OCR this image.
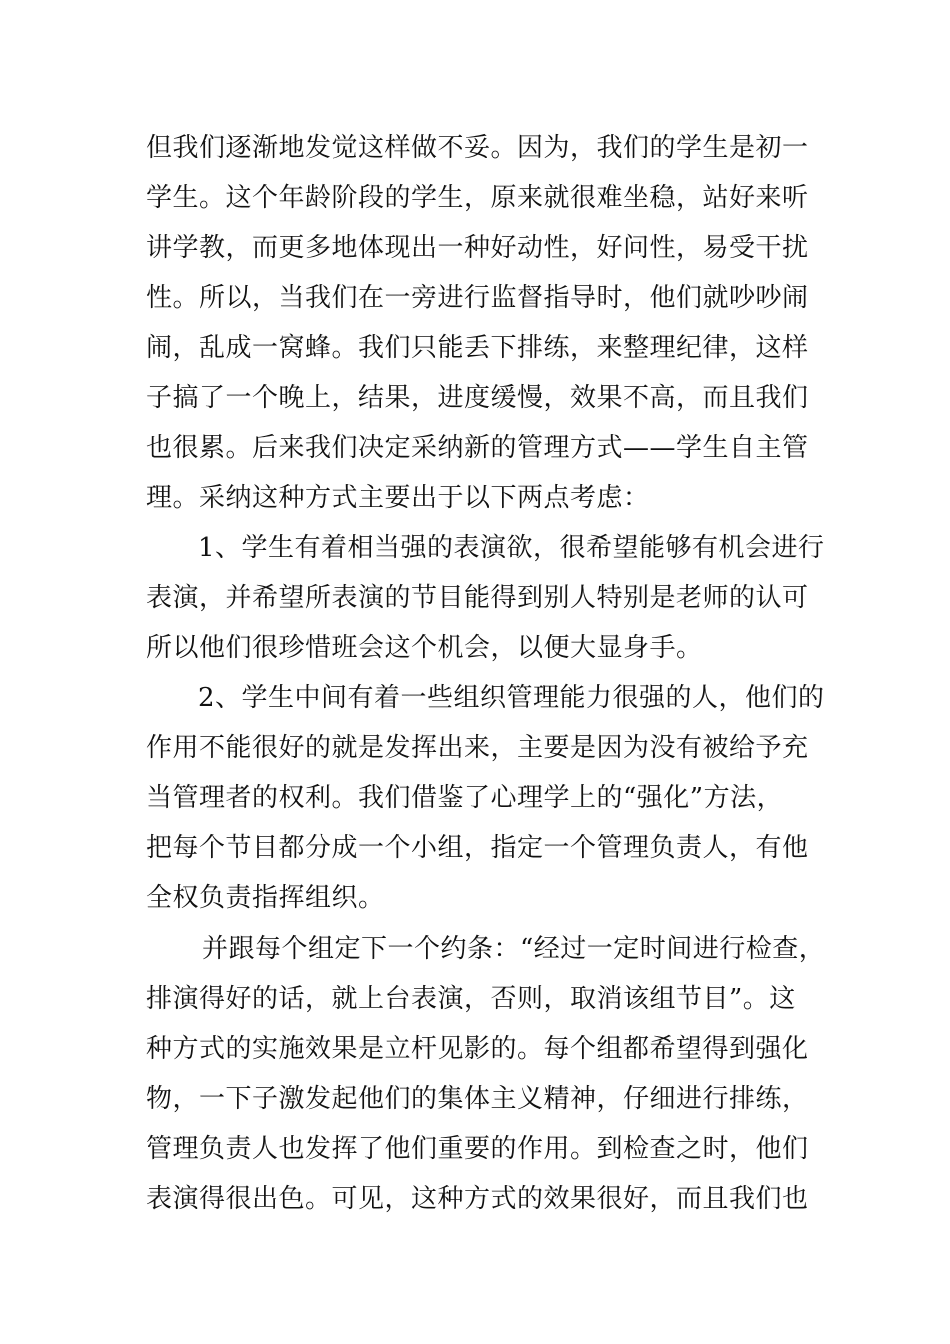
但我们逐渐地发觉这样做不妥。因为，我们的学生是初一
学生。这个年龄阶段的学生，原来就很难坐稳，站好来听
讲学教，而更多地体现出一种好动性，好问性，易受干扰
性。所以，当我们在一旁进行监督指导时，他们就吵吵闹
闹，乱成一窝蜂。我们只能丢下排练，来整理纪律，这样
子搞了一个晚上，结果，进度缓慢，效果不高，而且我们
也很累。后来我们决定采纳新的管理方式——学生自主管
理。采纳这种方式主要出于以下两点考虑：
1、学生有着相当强的表演欲，很希望能够有机会进行
表演，并希望所表演的节目能得到别人特别是老师的认可
所以他们很珍惜班会这个机会，以便大显身手。
2、学生中间有着一些组织管理能力很强的人，他们的
作用不能很好的就是发挥出来，主要是因为没有被给予充
当管理者的权利。我们借鉴了心理学上的“强化”方法，
把每个节目都分成一个小组，指定一个管理负责人，有他
全权负责指挥组织。
并跟每个组定下一个约条：“经过一定时间进行检查，
排演得好的话，就上台表演，否则，取消该组节目”。这
种方式的实施效果是立杆见影的。每个组都希望得到强化
物，一下子激发起他们的集体主义精神，仔细进行排练，
管理负责人也发挥了他们重要的作用。到检查之时，他们
表演得很出色。可见，这种方式的效果很好，而且我们也
